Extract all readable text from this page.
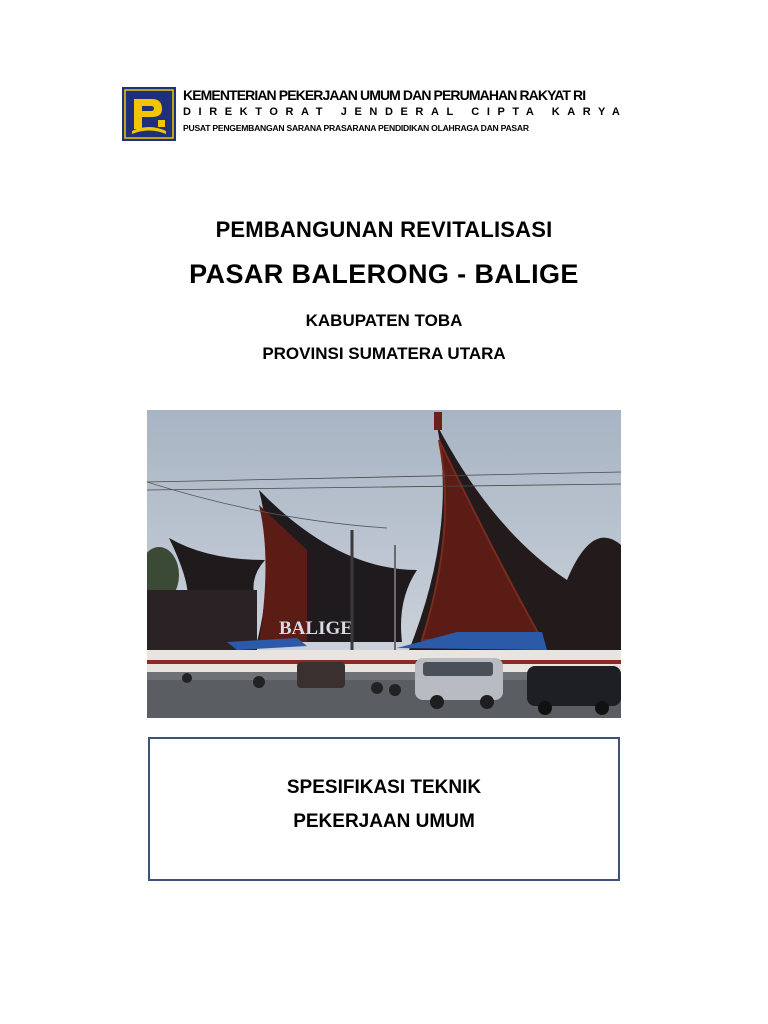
KEMENTERIAN PEKERJAAN UMUM DAN PERUMAHAN RAKYAT RI
DIREKTORAT JENDERAL CIPTA KARYA
PUSAT PENGEMBANGAN SARANA PRASARANA PENDIDIKAN OLAHRAGA DAN PASAR
PEMBANGUNAN REVITALISASI
PASAR BALERONG - BALIGE
KABUPATEN TOBA
PROVINSI SUMATERA UTARA
BALIGE
SPESIFIKASI TEKNIK
PEKERJAAN UMUM
